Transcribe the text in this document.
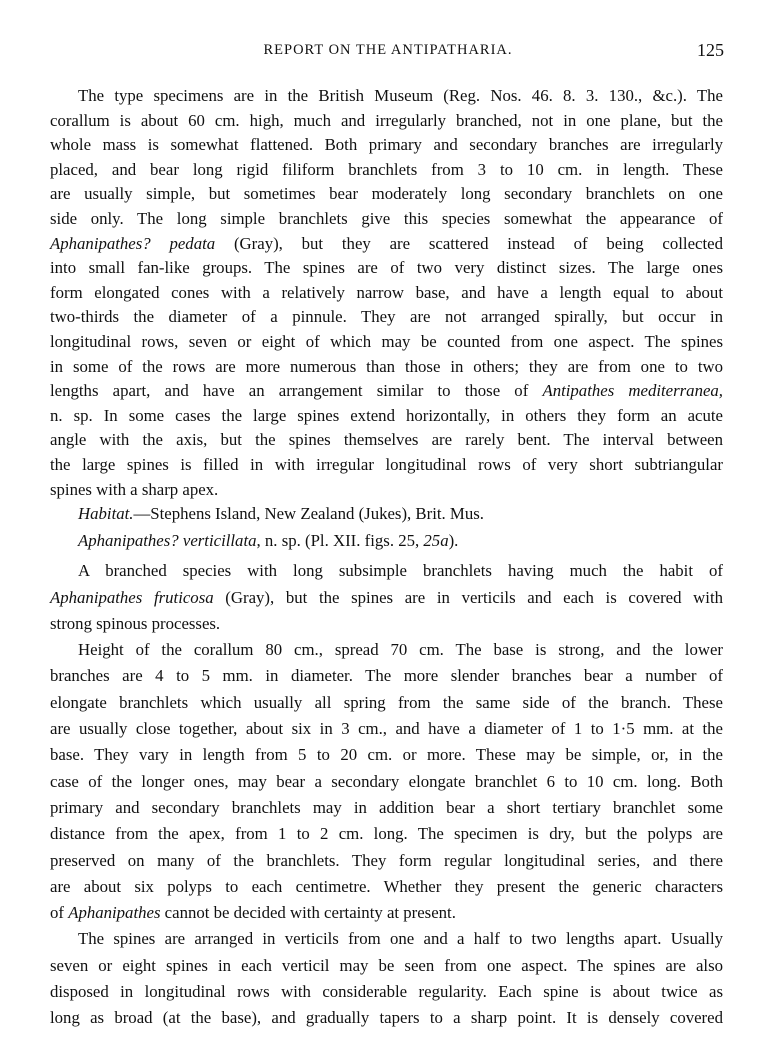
REPORT ON THE ANTIPATHARIA.	125
The type specimens are in the British Museum (Reg. Nos. 46. 8. 3. 130., &c.). The
corallum is about 60 cm. high, much and irregularly branched, not in one plane, but the
whole mass is somewhat flattened. Both primary and secondary branches are irregularly
placed, and bear long rigid filiform branchlets from 3 to 10 cm. in length. These
are usually simple, but sometimes bear moderately long secondary branchlets on one
side only. The long simple branchlets give this species somewhat the appearance of
Aphanipathes? pedata (Gray), but they are scattered instead of being collected
into small fan-like groups. The spines are of two very distinct sizes. The large ones
form elongated cones with a relatively narrow base, and have a length equal to about
two-thirds the diameter of a pinnule. They are not arranged spirally, but occur in
longitudinal rows, seven or eight of which may be counted from one aspect. The spines
in some of the rows are more numerous than those in others; they are from one to two
lengths apart, and have an arrangement similar to those of Antipathes mediterranea,
n. sp. In some cases the large spines extend horizontally, in others they form an acute
angle with the axis, but the spines themselves are rarely bent. The interval between
the large spines is filled in with irregular longitudinal rows of very short subtriangular
spines with a sharp apex.
Habitat.—Stephens Island, New Zealand (Jukes), Brit. Mus.
Aphanipathes? verticillata, n. sp. (Pl. XII. figs. 25, 25a).
A branched species with long subsimple branchlets having much the habit of
Aphanipathes fruticosa (Gray), but the spines are in verticils and each is covered with
strong spinous processes.
Height of the corallum 80 cm., spread 70 cm. The base is strong, and the lower
branches are 4 to 5 mm. in diameter. The more slender branches bear a number of
elongate branchlets which usually all spring from the same side of the branch. These
are usually close together, about six in 3 cm., and have a diameter of 1 to 1·5 mm. at the
base. They vary in length from 5 to 20 cm. or more. These may be simple, or, in the
case of the longer ones, may bear a secondary elongate branchlet 6 to 10 cm. long. Both
primary and secondary branchlets may in addition bear a short tertiary branchlet some
distance from the apex, from 1 to 2 cm. long. The specimen is dry, but the polyps are
preserved on many of the branchlets. They form regular longitudinal series, and there
are about six polyps to each centimetre. Whether they present the generic characters
of Aphanipathes cannot be decided with certainty at present.
The spines are arranged in verticils from one and a half to two lengths apart. Usually
seven or eight spines in each verticil may be seen from one aspect. The spines are also
disposed in longitudinal rows with considerable regularity. Each spine is about twice as
long as broad (at the base), and gradually tapers to a sharp point. It is densely covered
